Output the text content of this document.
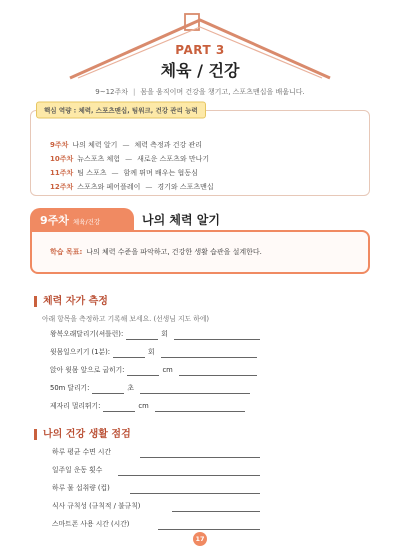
PART 3
체육 / 건강
9~12주차 | 몸을 움직이며 건강을 챙기고, 스포츠맨십을 배웁니다.
핵심 역량 : 체력, 스포츠맨십, 팀워크, 건강 관리 능력
9주차 나의 체력 알기 — 체력 측정과 건강 관리
10주차 뉴스포츠 체험 — 새로운 스포츠와 만나기
11주차 팀 스포츠 — 함께 뛰며 배우는 협동심
12주차 스포츠와 페어플레이 — 경기와 스포츠맨십
9주차 체육/건강	나의 체력 알기
학습 목표: 나의 체력 수준을 파악하고, 건강한 생활 습관을 설계한다.
체력 자가 측정
아래 항목을 측정하고 기록해 보세요. (선생님 지도 하에)
왕복오래달리기(셔틀런):	회
윗몸일으키기 (1분):	회
앉아 윗몸 앞으로 굽히기:	cm
50m 달리기:	초
제자리 멀리뛰기:	cm
나의 건강 생활 점검
하루 평균 수면 시간
일주일 운동 횟수
하루 물 섭취량 (컵)
식사 규칙성 (규칙적 / 불규칙)
스마트폰 사용 시간 (시간)
17
